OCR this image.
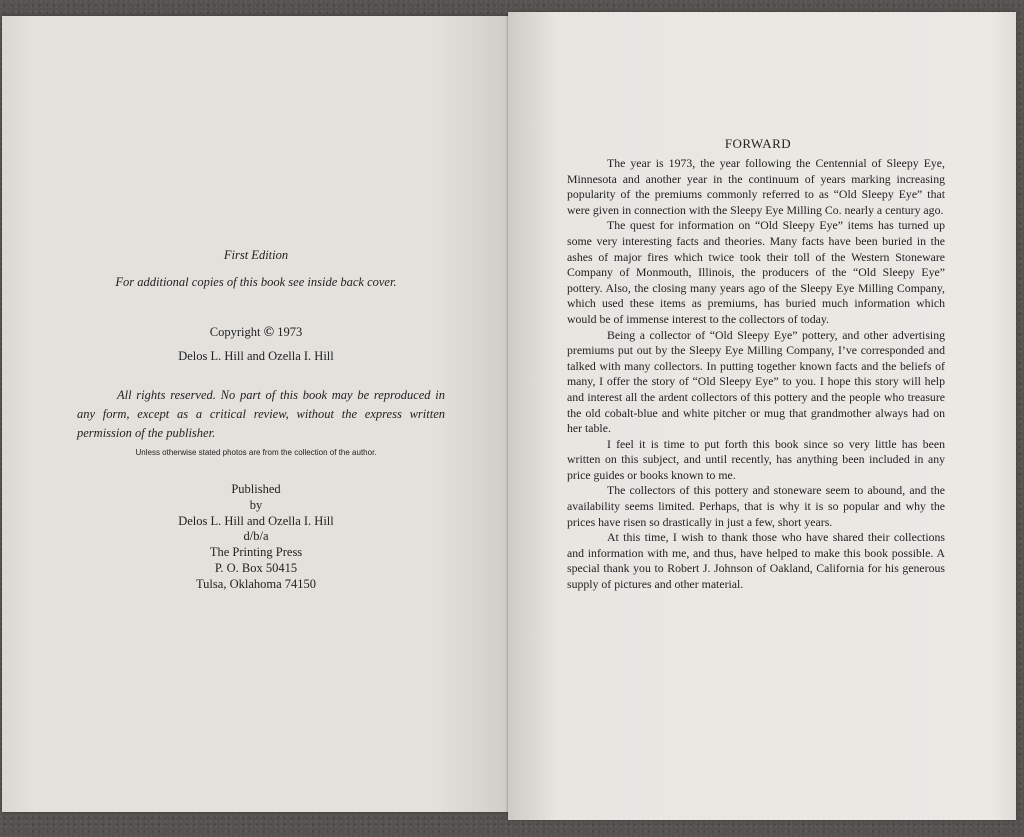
First Edition
For additional copies of this book see inside back cover.
Copyright © 1973
Delos L. Hill and Ozella I. Hill
All rights reserved. No part of this book may be reproduced in any form, except as a critical review, without the express written permission of the publisher.
Unless otherwise stated photos are from the collection of the author.
Published
by
Delos L. Hill and Ozella I. Hill
d/b/a
The Printing Press
P. O. Box 50415
Tulsa, Oklahoma 74150
FORWARD

The year is 1973, the year following the Centennial of Sleepy Eye, Minnesota and another year in the continuum of years marking increasing popularity of the premiums commonly referred to as “Old Sleepy Eye” that were given in connection with the Sleepy Eye Milling Co. nearly a century ago.

The quest for information on “Old Sleepy Eye” items has turned up some very interesting facts and theories. Many facts have been buried in the ashes of major fires which twice took their toll of the Western Stoneware Company of Monmouth, Illinois, the producers of the “Old Sleepy Eye” pottery. Also, the closing many years ago of the Sleepy Eye Milling Company, which used these items as premiums, has buried much information which would be of immense interest to the collectors of today.

Being a collector of “Old Sleepy Eye” pottery, and other advertising premiums put out by the Sleepy Eye Milling Company, I’ve corresponded and talked with many collectors. In putting together known facts and the beliefs of many, I offer the story of “Old Sleepy Eye” to you. I hope this story will help and interest all the ardent collectors of this pottery and the people who treasure the old cobalt-blue and white pitcher or mug that grandmother always had on her table.

I feel it is time to put forth this book since so very little has been written on this subject, and until recently, has anything been included in any price guides or books known to me.

The collectors of this pottery and stoneware seem to abound, and the availability seems limited. Perhaps, that is why it is so popular and why the prices have risen so drastically in just a few, short years.

At this time, I wish to thank those who have shared their collections and information with me, and thus, have helped to make this book possible. A special thank you to Robert J. Johnson of Oakland, California for his generous supply of pictures and other material.
